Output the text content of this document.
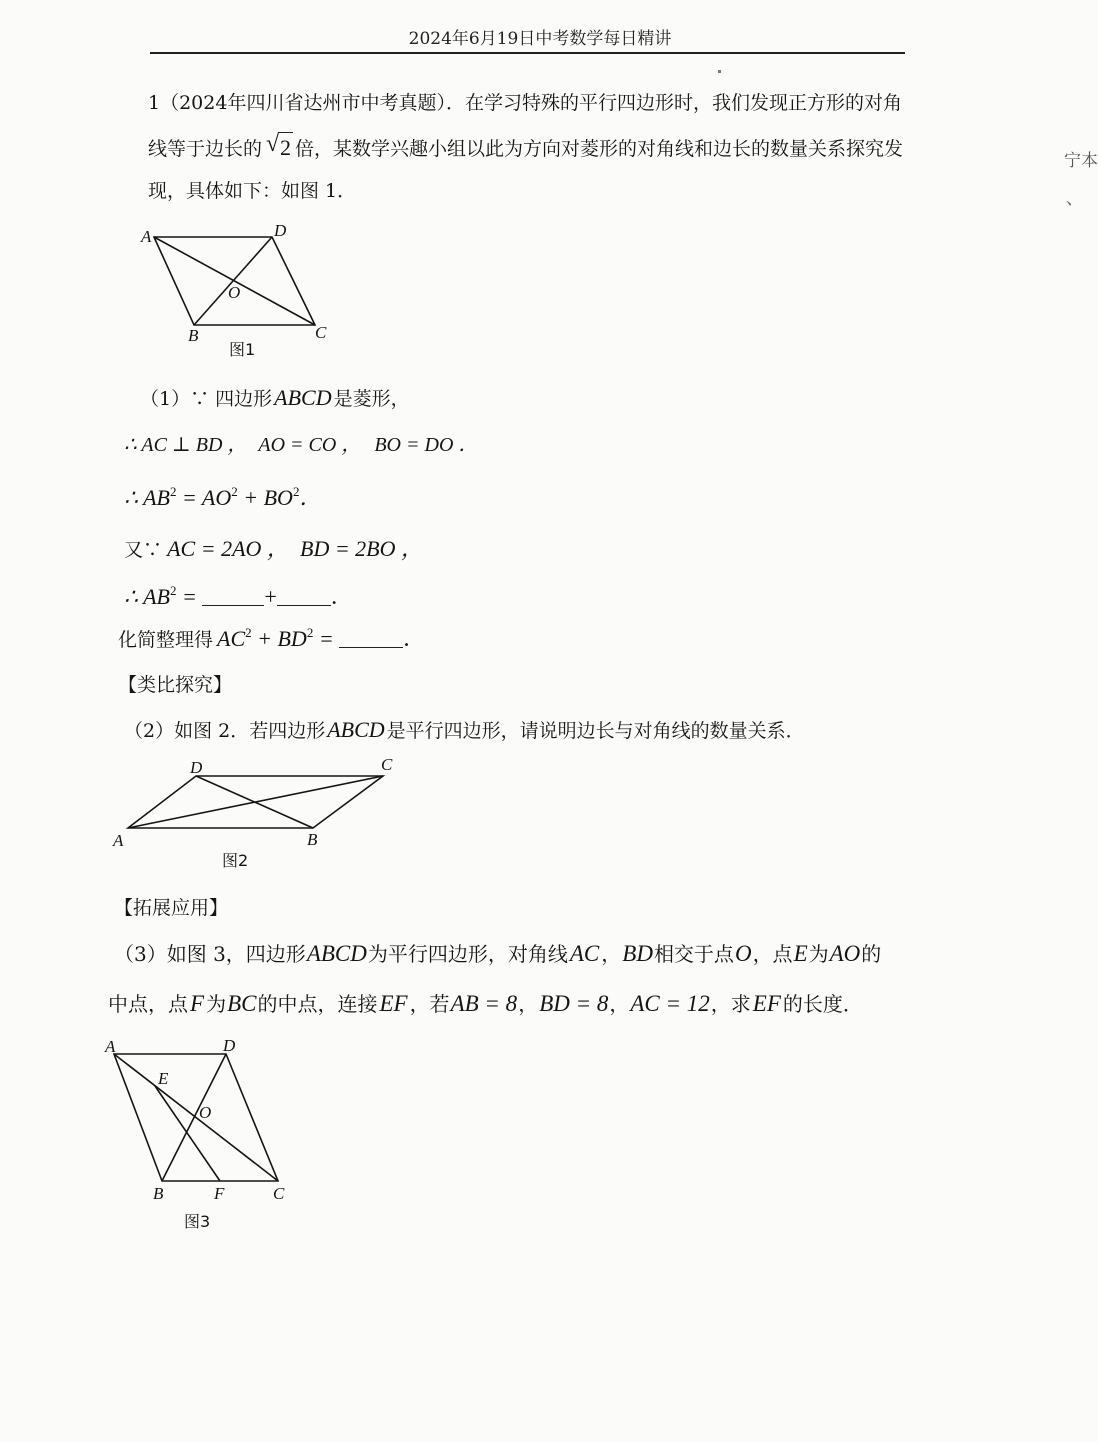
2024年6月19日中考数学每日精讲
宁本
、
1（2024年四川省达州市中考真题）．在学习特殊的平行四边形时，我们发现正方形的对角
线等于边长的 √ 2 倍，某数学兴趣小组以此为方向对菱形的对角线和边长的数量关系探究发
现，具体如下：如图 1．
A	D
O
B	C
图1
D	C
A	B
图2
A	D
E
O
B	F	C
图3
（1）∵ 四边形ABCD 是菱形，
∴ AC ⊥ BD ， AO = CO ， BO = DO ．
∴ $AB^2 = AO^2 + BO^2$．
又∵ AC = 2AO ， BD = 2BO ，
∴ $AB^2$ =	+ ．
化简整理得 $AC^2 + BD^2$ =	．
【类比探究】
（2）如图 2．若四边形ABCD 是平行四边形，请说明边长与对角线的数量关系．
【拓展应用】
（3）如图 3，四边形ABCD为平行四边形，对角线AC ，BD相交于点O，点E为AO的
中点，点F 为BC的中点，连接EF ，若AB = 8，BD = 8，AC = 12，求EF 的长度．
